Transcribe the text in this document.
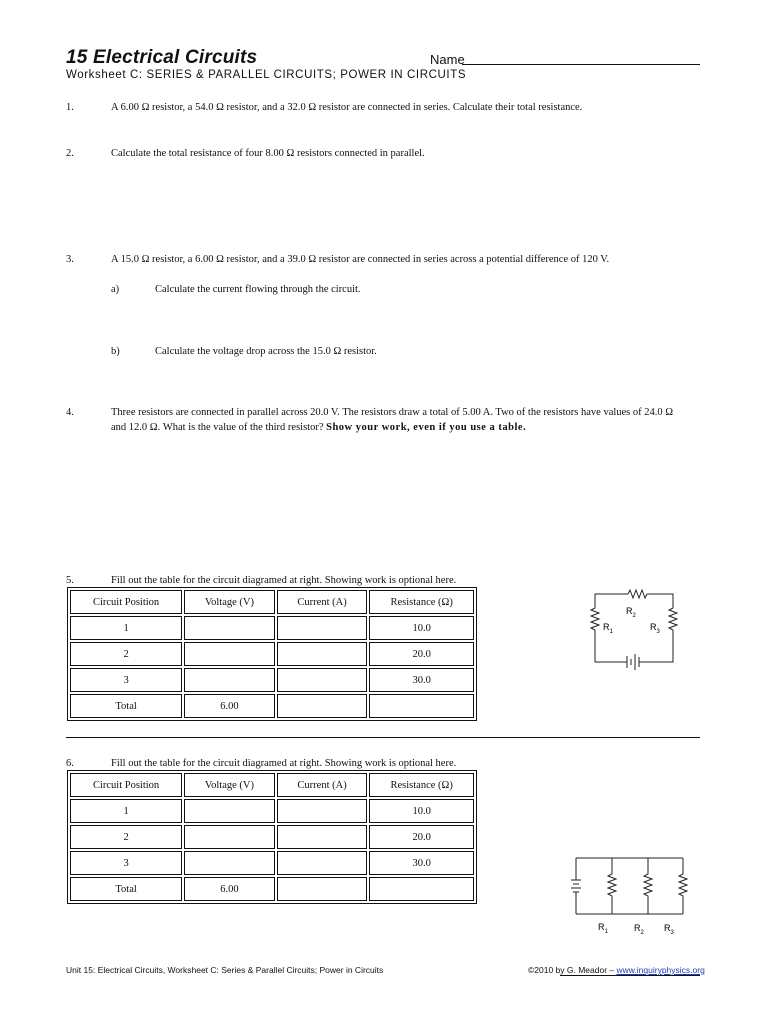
15 Electrical Circuits	Name
Worksheet C: SERIES & PARALLEL CIRCUITS; POWER IN CIRCUITS
1.	A 6.00 Ω resistor, a 54.0 Ω resistor, and a 32.0 Ω resistor are connected in series. Calculate their total resistance.
2.	Calculate the total resistance of four 8.00 Ω resistors connected in parallel.
3.	A 15.0 Ω resistor, a 6.00 Ω resistor, and a 39.0 Ω resistor are connected in series across a potential difference of 120 V.
a)	Calculate the current flowing through the circuit.
b)	Calculate the voltage drop across the 15.0 Ω resistor.
4.	Three resistors are connected in parallel across 20.0 V. The resistors draw a total of 5.00 A. Two of the resistors have values of 24.0 Ω and 12.0 Ω. What is the value of the third resistor? Show your work, even if you use a table.
5.	Fill out the table for the circuit diagramed at right. Showing work is optional here.
Circuit Position	Voltage (V)	Current (A)	Resistance (Ω)
1			10.0
2			20.0
3			30.0
Total	6.00		
$R_2$
$R_1$	$R_3$
6.	Fill out the table for the circuit diagramed at right. Showing work is optional here.
Circuit Position	Voltage (V)	Current (A)	Resistance (Ω)
1			10.0
2			20.0
3			30.0
Total	6.00		
$R_1$	$R_2$ $R_3$
Unit 15: Electrical Circuits, Worksheet C: Series & Parallel Circuits; Power in Circuits	©2010 by G. Meador – www.inquiryphysics.org
